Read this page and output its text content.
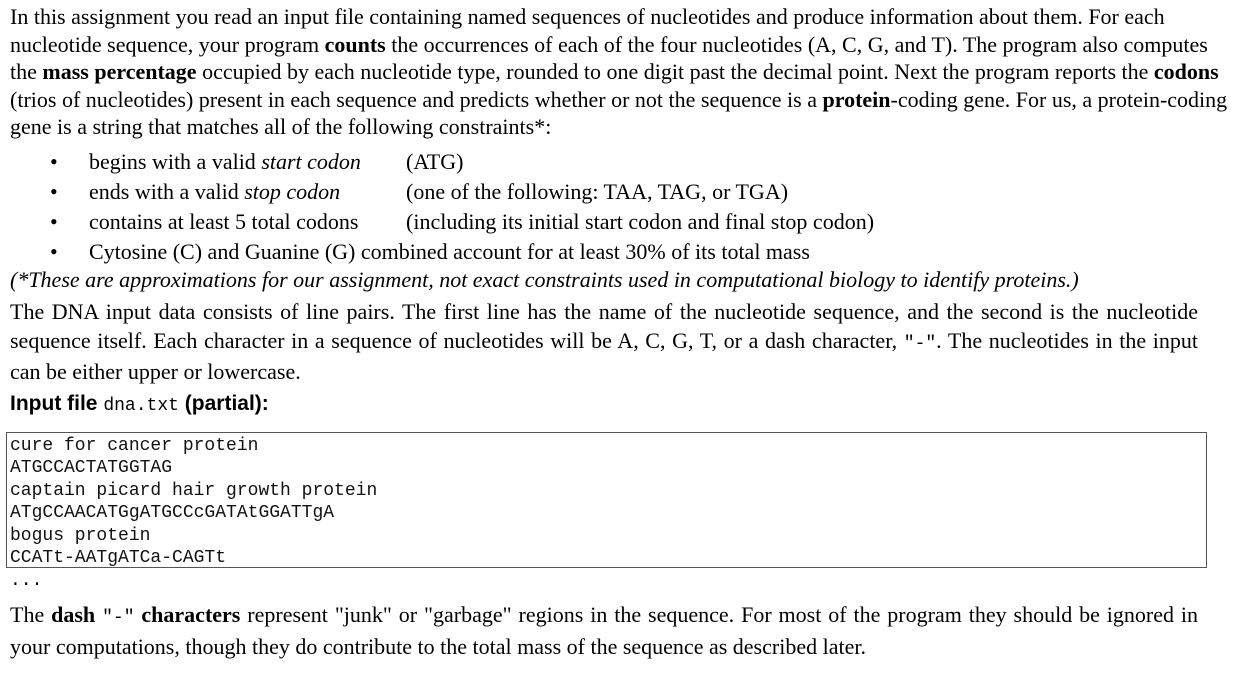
In this assignment you read an input file containing named sequences of nucleotides and produce information about them. For each nucleotide sequence, your program counts the occurrences of each of the four nucleotides (A, C, G, and T). The program also computes the mass percentage occupied by each nucleotide type, rounded to one digit past the decimal point. Next the program reports the codons (trios of nucleotides) present in each sequence and predicts whether or not the sequence is a protein-coding gene. For us, a protein-coding gene is a string that matches all of the following constraints*:

• begins with a valid start codon (ATG)
• ends with a valid stop codon	(one of the following: TAA, TAG, or TGA)
• contains at least 5 total codons (including its initial start codon and final stop codon)
• Cytosine (C) and Guanine (G) combined account for at least 30% of its total mass

(*These are approximations for our assignment, not exact constraints used in computational biology to identify proteins.)

The DNA input data consists of line pairs. The first line has the name of the nucleotide sequence, and the second is the nucleotide sequence itself. Each character in a sequence of nucleotides will be A, C, G, T, or a dash character, "-". The nucleotides in the input can be either upper or lowercase.

Input file dna.txt (partial):
cure for cancer protein
ATGCCACTATGGTAG
captain picard hair growth protein
ATgCCAACATGgATGCCcGATAtGGATTgA
bogus protein
CCATt-AATgATCa-CAGTt

...

The dash "-" characters represent "junk" or "garbage" regions in the sequence. For most of the program they should be ignored in your computations, though they do contribute to the total mass of the sequence as described later.
